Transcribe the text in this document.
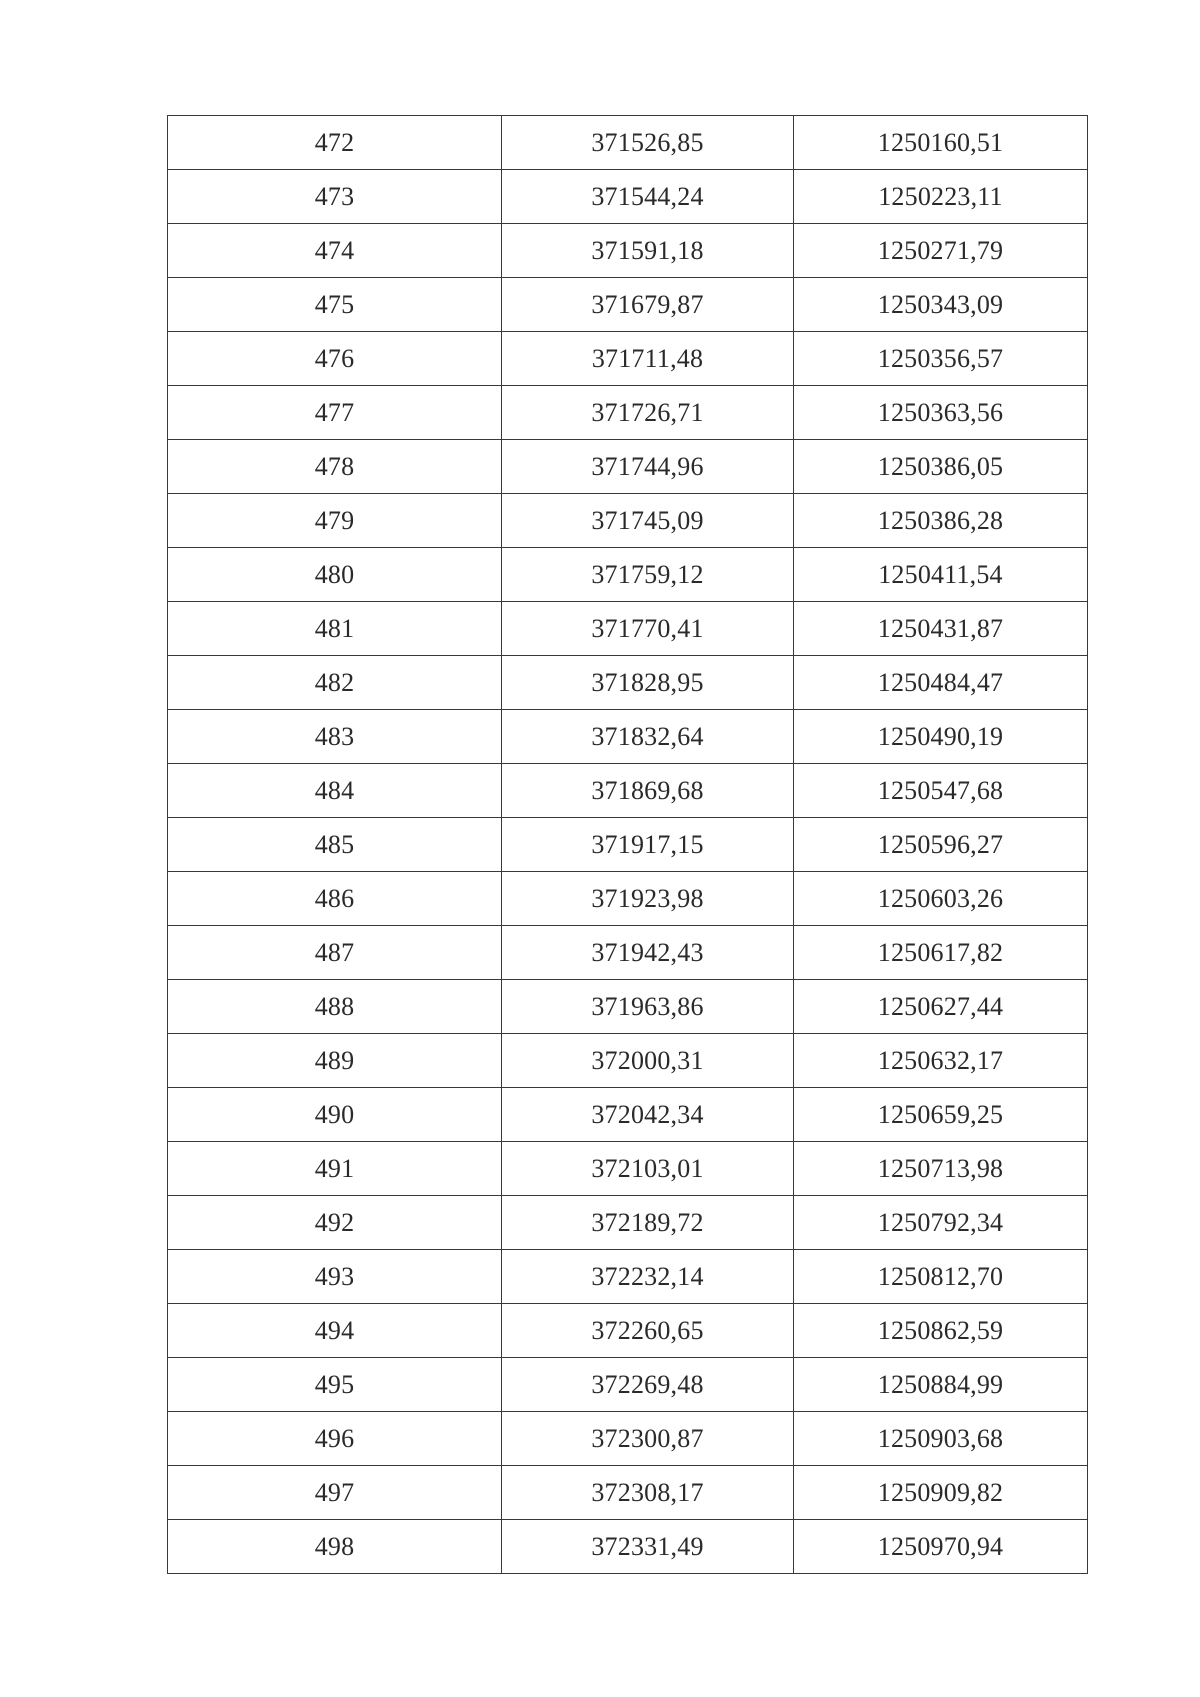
472	371526,85	1250160,51
473	371544,24	1250223,11
474	371591,18	1250271,79
475	371679,87	1250343,09
476	371711,48	1250356,57
477	371726,71	1250363,56
478	371744,96	1250386,05
479	371745,09	1250386,28
480	371759,12	1250411,54
481	371770,41	1250431,87
482	371828,95	1250484,47
483	371832,64	1250490,19
484	371869,68	1250547,68
485	371917,15	1250596,27
486	371923,98	1250603,26
487	371942,43	1250617,82
488	371963,86	1250627,44
489	372000,31	1250632,17
490	372042,34	1250659,25
491	372103,01	1250713,98
492	372189,72	1250792,34
493	372232,14	1250812,70
494	372260,65	1250862,59
495	372269,48	1250884,99
496	372300,87	1250903,68
497	372308,17	1250909,82
498	372331,49	1250970,94
